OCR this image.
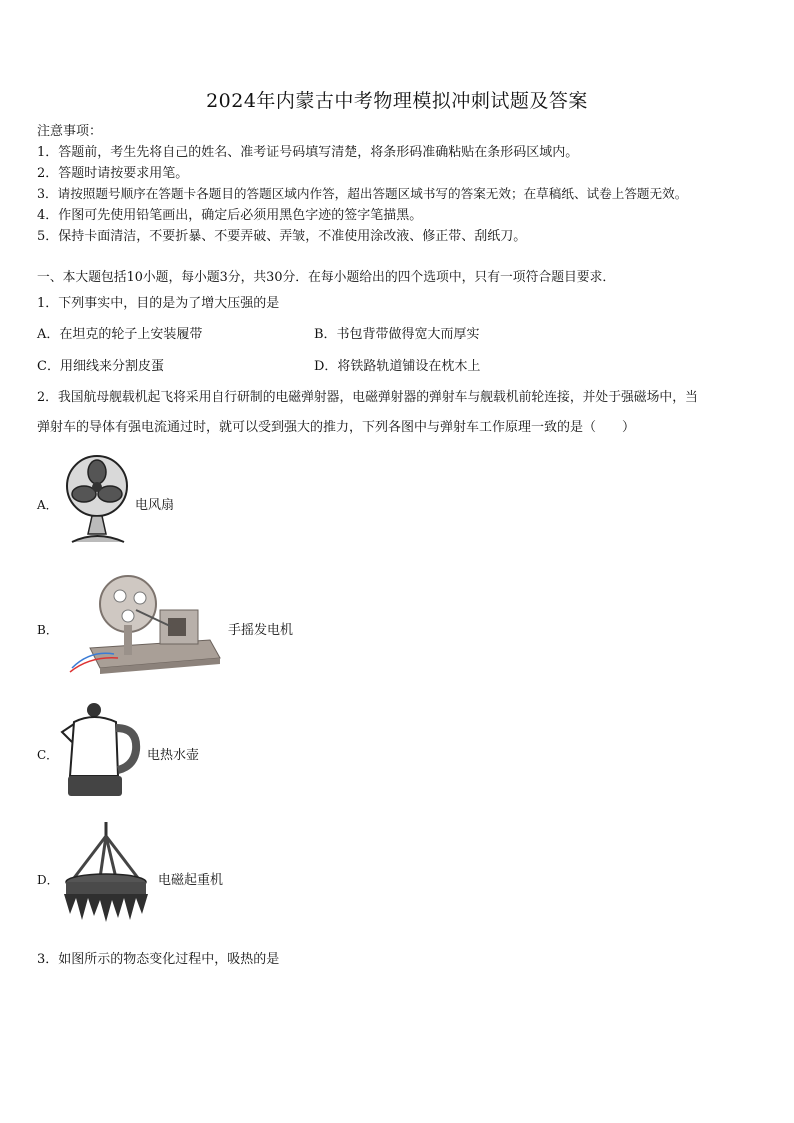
2024年内蒙古中考物理模拟冲刺试题及答案
注意事项：
1．答题前，考生先将自己的姓名、准考证号码填写清楚，将条形码准确粘贴在条形码区域内。
2．答题时请按要求用笔。
3．请按照题号顺序在答题卡各题目的答题区域内作答，超出答题区域书写的答案无效；在草稿纸、试卷上答题无效。
4．作图可先使用铅笔画出，确定后必须用黑色字迹的签字笔描黑。
5．保持卡面清洁，不要折暴、不要弄破、弄皱，不准使用涂改液、修正带、刮纸刀。
一、本大题包括10小题，每小题3分，共30分．在每小题给出的四个选项中，只有一项符合题目要求．
1．下列事实中，目的是为了增大压强的是
A．在坦克的轮子上安装履带	B．书包背带做得宽大而厚实
C．用细线来分割皮蛋	D．将铁路轨道铺设在枕木上
2．我国航母舰载机起飞将采用自行研制的电磁弹射器，电磁弹射器的弹射车与舰载机前轮连接，并处于强磁场中，当
弹射车的导体有强电流通过时，就可以受到强大的推力，下列各图中与弹射车工作原理一致的是（　　）
A．	电风扇
B．	手摇发电机
C．	电热水壶
D．	电磁起重机
3．如图所示的物态变化过程中，吸热的是
